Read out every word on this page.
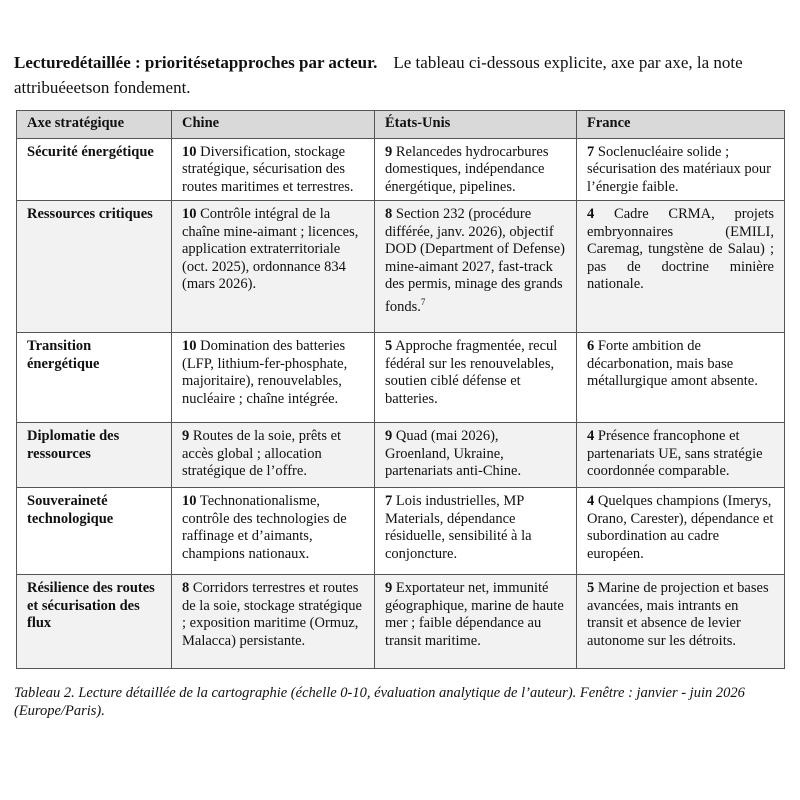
Lecturedétaillée : prioritésetapproches par acteur. Le tableau ci-dessous explicite, axe par axe, la note attribuéeetson fondement.

Axe stratégique	Chine	États-Unis	France
Sécurité énergétique	10 Diversification, stockage stratégique, sécurisation des routes maritimes et terrestres.	9 Relancedes hydrocarbures domestiques, indépendance énergétique, pipelines.	7 Soclenucléaire solide ; sécurisation des matériaux pour l’énergie faible.
Ressources critiques	10 Contrôle intégral de la chaîne mine-aimant ; licences, application extraterritoriale (oct. 2025), ordonnance 834 (mars 2026).	8 Section 232 (procédure différée, janv. 2026), objectif DOD (Department of Defense) mine-aimant 2027, fast-track des permis, minage des grands fonds.$^7$	4 Cadre CRMA, projets embryonnaires (EMILI, Caremag, tungstène de Salau) ; pas de doctrine minière nationale.
Transition énergétique	10 Domination des batteries (LFP, lithium-fer-phosphate, majoritaire), renouvelables, nucléaire ; chaîne intégrée.	5 Approche fragmentée, recul fédéral sur les renouvelables, soutien ciblé défense et batteries.	6 Forte ambition de décarbonation, mais base métallurgique amont absente.
Diplomatie des ressources	9 Routes de la soie, prêts et accès global ; allocation stratégique de l’offre.	9 Quad (mai 2026), Groenland, Ukraine, partenariats anti-Chine.	4 Présence francophone et partenariats UE, sans stratégie coordonnée comparable.
Souveraineté technologique	10 Technonationalisme, contrôle des technologies de raffinage et d’aimants, champions nationaux.	7 Lois industrielles, MP Materials, dépendance résiduelle, sensibilité à la conjoncture.	4 Quelques champions (Imerys, Orano, Carester), dépendance et subordination au cadre européen.
Résilience des routes et sécurisation des flux	8 Corridors terrestres et routes de la soie, stockage stratégique ; exposition maritime (Ormuz, Malacca) persistante.	9 Exportateur net, immunité géographique, marine de haute mer ; faible dépendance au transit maritime.	5 Marine de projection et bases avancées, mais intrants en transit et absence de levier autonome sur les détroits.

Tableau 2. Lecture détaillée de la cartographie (échelle 0-10, évaluation analytique de l’auteur). Fenêtre : janvier - juin 2026 (Europe/Paris).
